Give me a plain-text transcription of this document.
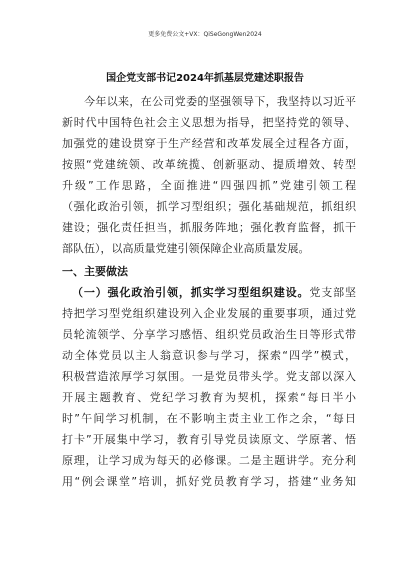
更多免费公文+VX：QiSeGongWen2024
国企党支部书记2024年抓基层党建述职报告

今年以来，在公司党委的坚强领导下，我坚持以习近平
新时代中国特色社会主义思想为指导，把坚持党的领导、
加强党的建设贯穿于生产经营和改革发展全过程各方面，
按照“党建统领、改革统揽、创新驱动、提质增效、转型
升级”工作思路，全面推进“四强四抓”党建引领工程
（强化政治引领，抓学习型组织；强化基础规范，抓组织
建设；强化责任担当，抓服务阵地；强化教育监督，抓干
部队伍），以高质量党建引领保障企业高质量发展。

一、主要做法

（一）强化政治引领，抓实学习型组织建设。党支部坚
持把学习型党组织建设列入企业发展的重要事项，通过党
员轮流领学、分享学习感悟、组织党员政治生日等形式带
动全体党员以主人翁意识参与学习，探索“四学”模式，
积极营造浓厚学习氛围。一是党员带头学。党支部以深入
开展主题教育、党纪学习教育为契机，探索“每日半小
时”午间学习机制，在不影响主责主业工作之余，“每日
打卡”开展集中学习，教育引导党员读原文、学原著、悟
原理，让学习成为每天的必修课。二是主题讲学。充分利
用“例会课堂”培训，抓好党员教育学习，搭建“业务知
